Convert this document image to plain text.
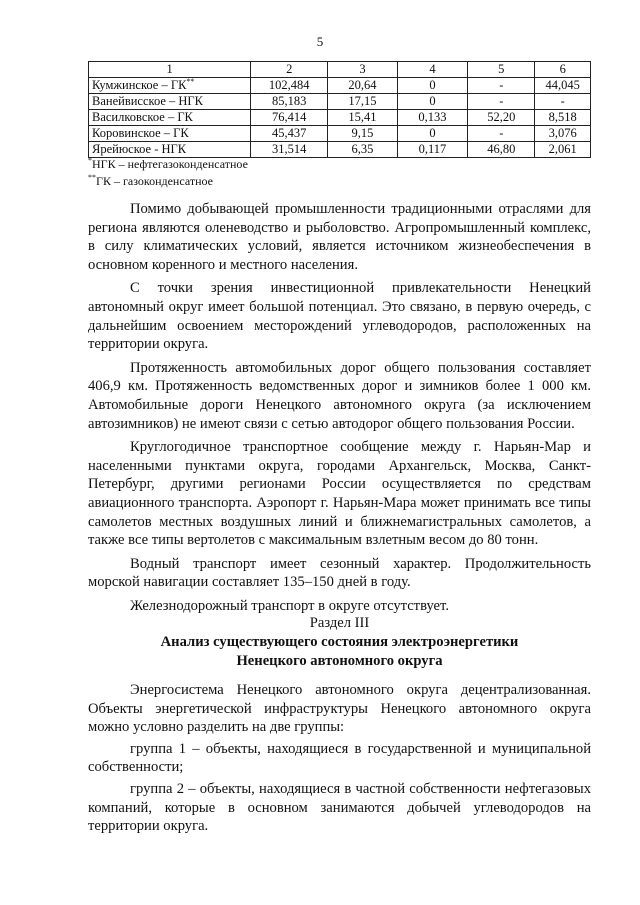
5
1	2	3	4	5	6
Кумжинское – ГК**	102,484	20,64	0	-	44,045
Ванейвисское – НГК	85,183	17,15	0	-	-
Василковское – ГК	76,414	15,41	0,133	52,20	8,518
Коровинское – ГК	45,437	9,15	0	-	3,076
Ярейюское - НГК	31,514	6,35	0,117	46,80	2,061
*НГК – нефтегазоконденсатное
**ГК – газоконденсатное

Помимо добывающей промышленности традиционными отраслями для региона являются оленеводство и рыболовство. Агропромышленный комплекс, в силу климатических условий, является источником жизнеобеспечения в основном коренного и местного населения.

С точки зрения инвестиционной привлекательности Ненецкий автономный округ имеет большой потенциал. Это связано, в первую очередь, с дальнейшим освоением месторождений углеводородов, расположенных на территории округа.

Протяженность автомобильных дорог общего пользования составляет 406,9 км. Протяженность ведомственных дорог и зимников более 1 000 км. Автомобильные дороги Ненецкого автономного округа (за исключением автозимников) не имеют связи с сетью автодорог общего пользования России.

Круглогодичное транспортное сообщение между г. Нарьян-Мар и населенными пунктами округа, городами Архангельск, Москва, Санкт-Петербург, другими регионами России осуществляется по средствам авиационного транспорта. Аэропорт г. Нарьян-Мара может принимать все типы самолетов местных воздушных линий и ближнемагистральных самолетов, а также все типы вертолетов с максимальным взлетным весом до 80 тонн.

Водный транспорт имеет сезонный характер. Продолжительность морской навигации составляет 135–150 дней в году.

Железнодорожный транспорт в округе отсутствует.

Раздел III
Анализ существующего состояния электроэнергетики
Ненецкого автономного округа

Энергосистема Ненецкого автономного округа децентрализованная. Объекты энергетической инфраструктуры Ненецкого автономного округа можно условно разделить на две группы:

группа 1 – объекты, находящиеся в государственной и муниципальной собственности;

группа 2 – объекты, находящиеся в частной собственности нефтегазовых компаний, которые в основном занимаются добычей углеводородов на территории округа.
